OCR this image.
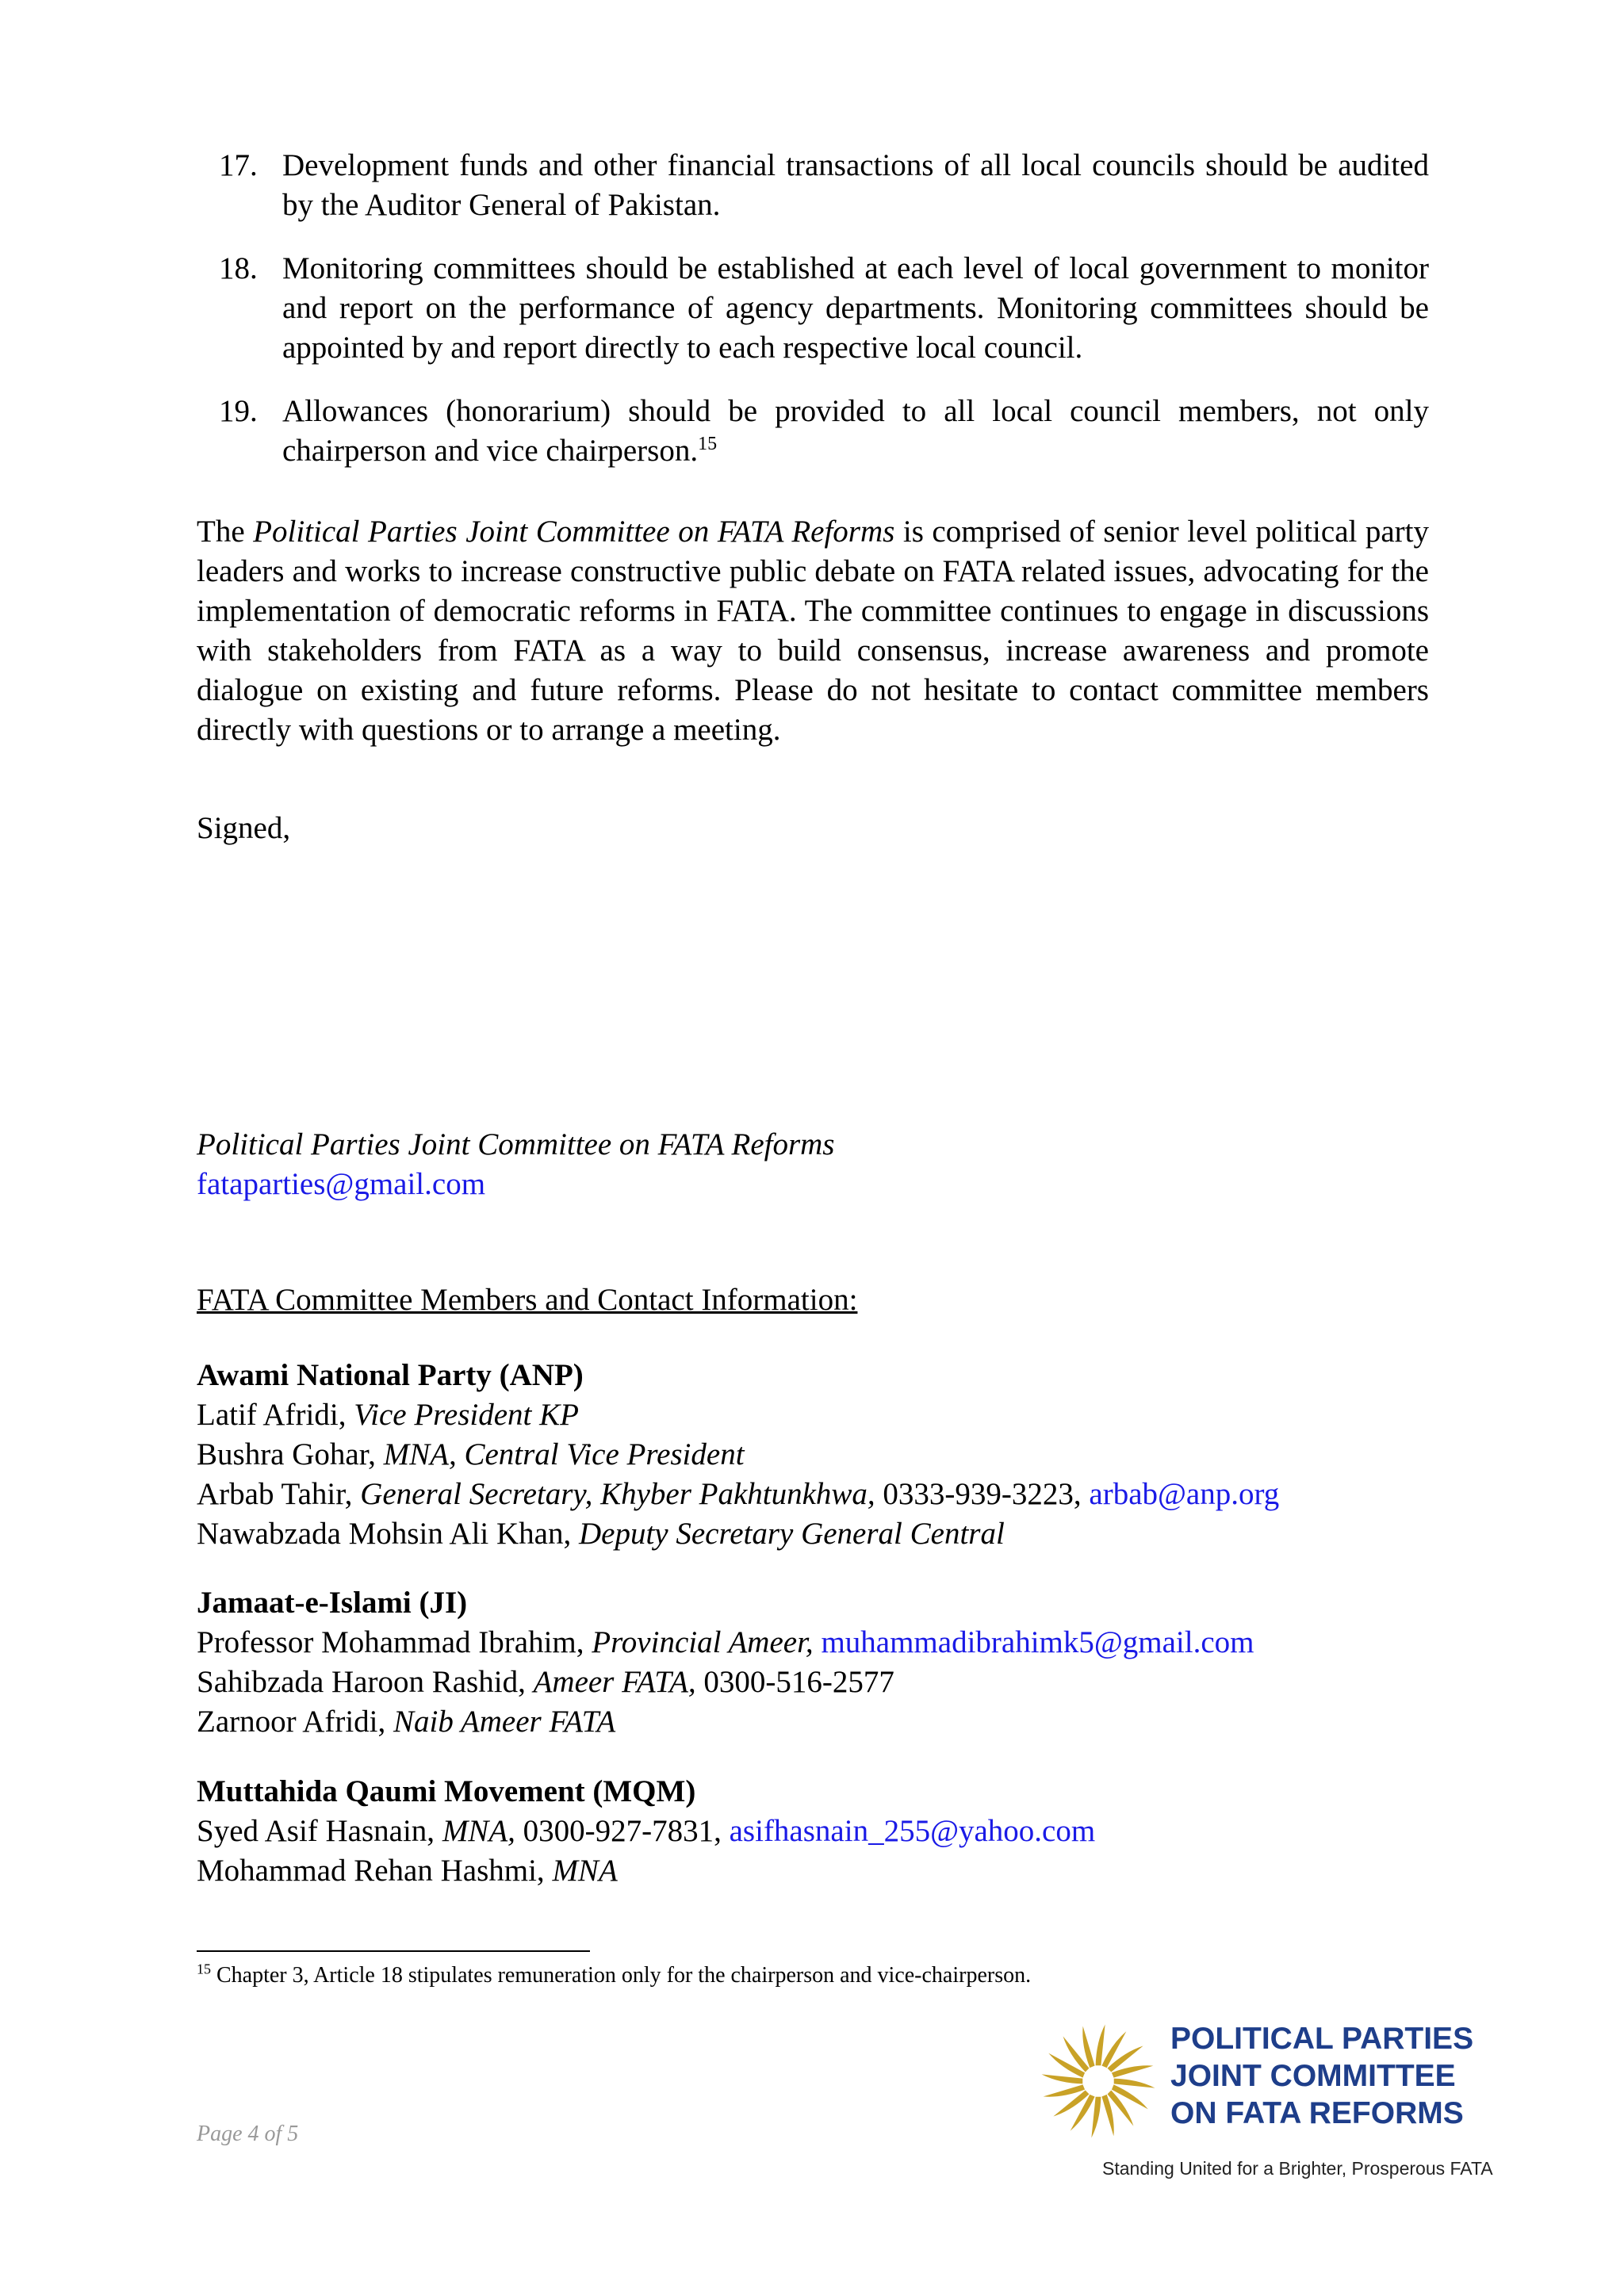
17. Development funds and other financial transactions of all local councils should be audited by the Auditor General of Pakistan.
18. Monitoring committees should be established at each level of local government to monitor and report on the performance of agency departments. Monitoring committees should be appointed by and report directly to each respective local council.
19. Allowances (honorarium) should be provided to all local council members, not only chairperson and vice chairperson.$^{15}$
The Political Parties Joint Committee on FATA Reforms is comprised of senior level political party leaders and works to increase constructive public debate on FATA related issues, advocating for the implementation of democratic reforms in FATA. The committee continues to engage in discussions with stakeholders from FATA as a way to build consensus, increase awareness and promote dialogue on existing and future reforms. Please do not hesitate to contact committee members directly with questions or to arrange a meeting.
Signed,
Political Parties Joint Committee on FATA Reforms
fataparties@gmail.com
FATA Committee Members and Contact Information:
Awami National Party (ANP)
Latif Afridi, Vice President KP
Bushra Gohar, MNA, Central Vice President
Arbab Tahir, General Secretary, Khyber Pakhtunkhwa, 0333-939-3223, arbab@anp.org
Nawabzada Mohsin Ali Khan, Deputy Secretary General Central
Jamaat-e-Islami (JI)
Professor Mohammad Ibrahim, Provincial Ameer, muhammadibrahimk5@gmail.com
Sahibzada Haroon Rashid, Ameer FATA, 0300-516-2577
Zarnoor Afridi, Naib Ameer FATA
Muttahida Qaumi Movement (MQM)
Syed Asif Hasnain, MNA, 0300-927-7831, asifhasnain_255@yahoo.com
Mohammad Rehan Hashmi, MNA
$^{15}$ Chapter 3, Article 18 stipulates remuneration only for the chairperson and vice-chairperson.
Page 4 of 5
POLITICAL PARTIES
JOINT COMMITTEE
ON FATA REFORMS
Standing United for a Brighter, Prosperous FATA
